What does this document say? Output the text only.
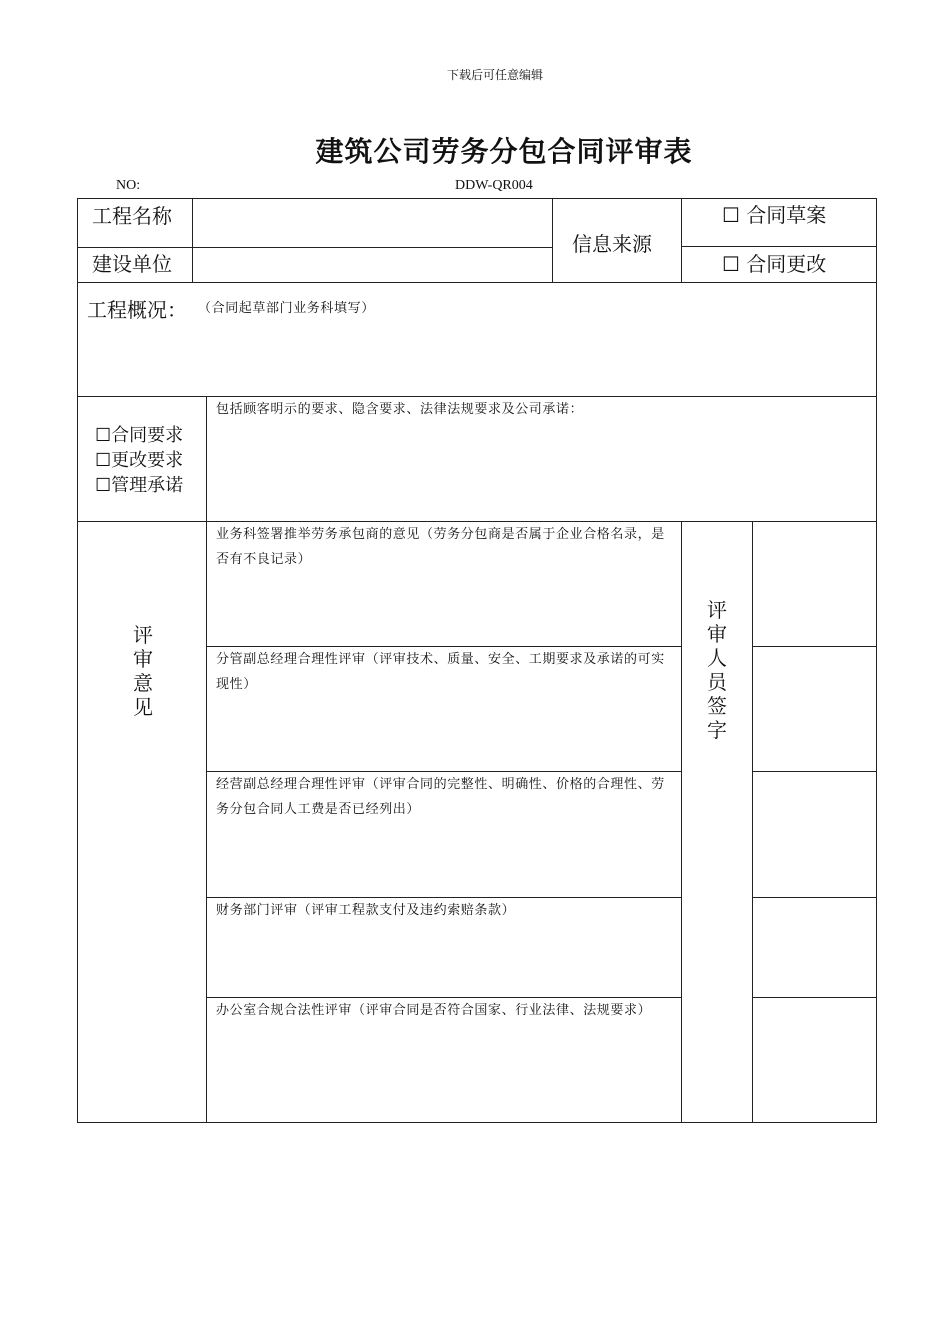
下载后可任意编辑
建筑公司劳务分包合同评审表
NO:	DDW-QR004
工程名称
信息来源
☐ 合同草案
建设单位	☐ 合同更改
工程概况： （合同起草部门业务科填写）
☐合同要求
☐更改要求
☐管理承诺
包括顾客明示的要求、隐含要求、法律法规要求及公司承诺：
评
审
意
见
评
审
人
员
签
字
业务科签署推举劳务承包商的意见（劳务分包商是否属于企业合格名录，是否有不良记录）
分管副总经理合理性评审（评审技术、质量、安全、工期要求及承诺的可实现性）
经营副总经理合理性评审（评审合同的完整性、明确性、价格的合理性、劳务分包合同人工费是否已经列出）
财务部门评审（评审工程款支付及违约索赔条款）
办公室合规合法性评审（评审合同是否符合国家、行业法律、法规要求）
